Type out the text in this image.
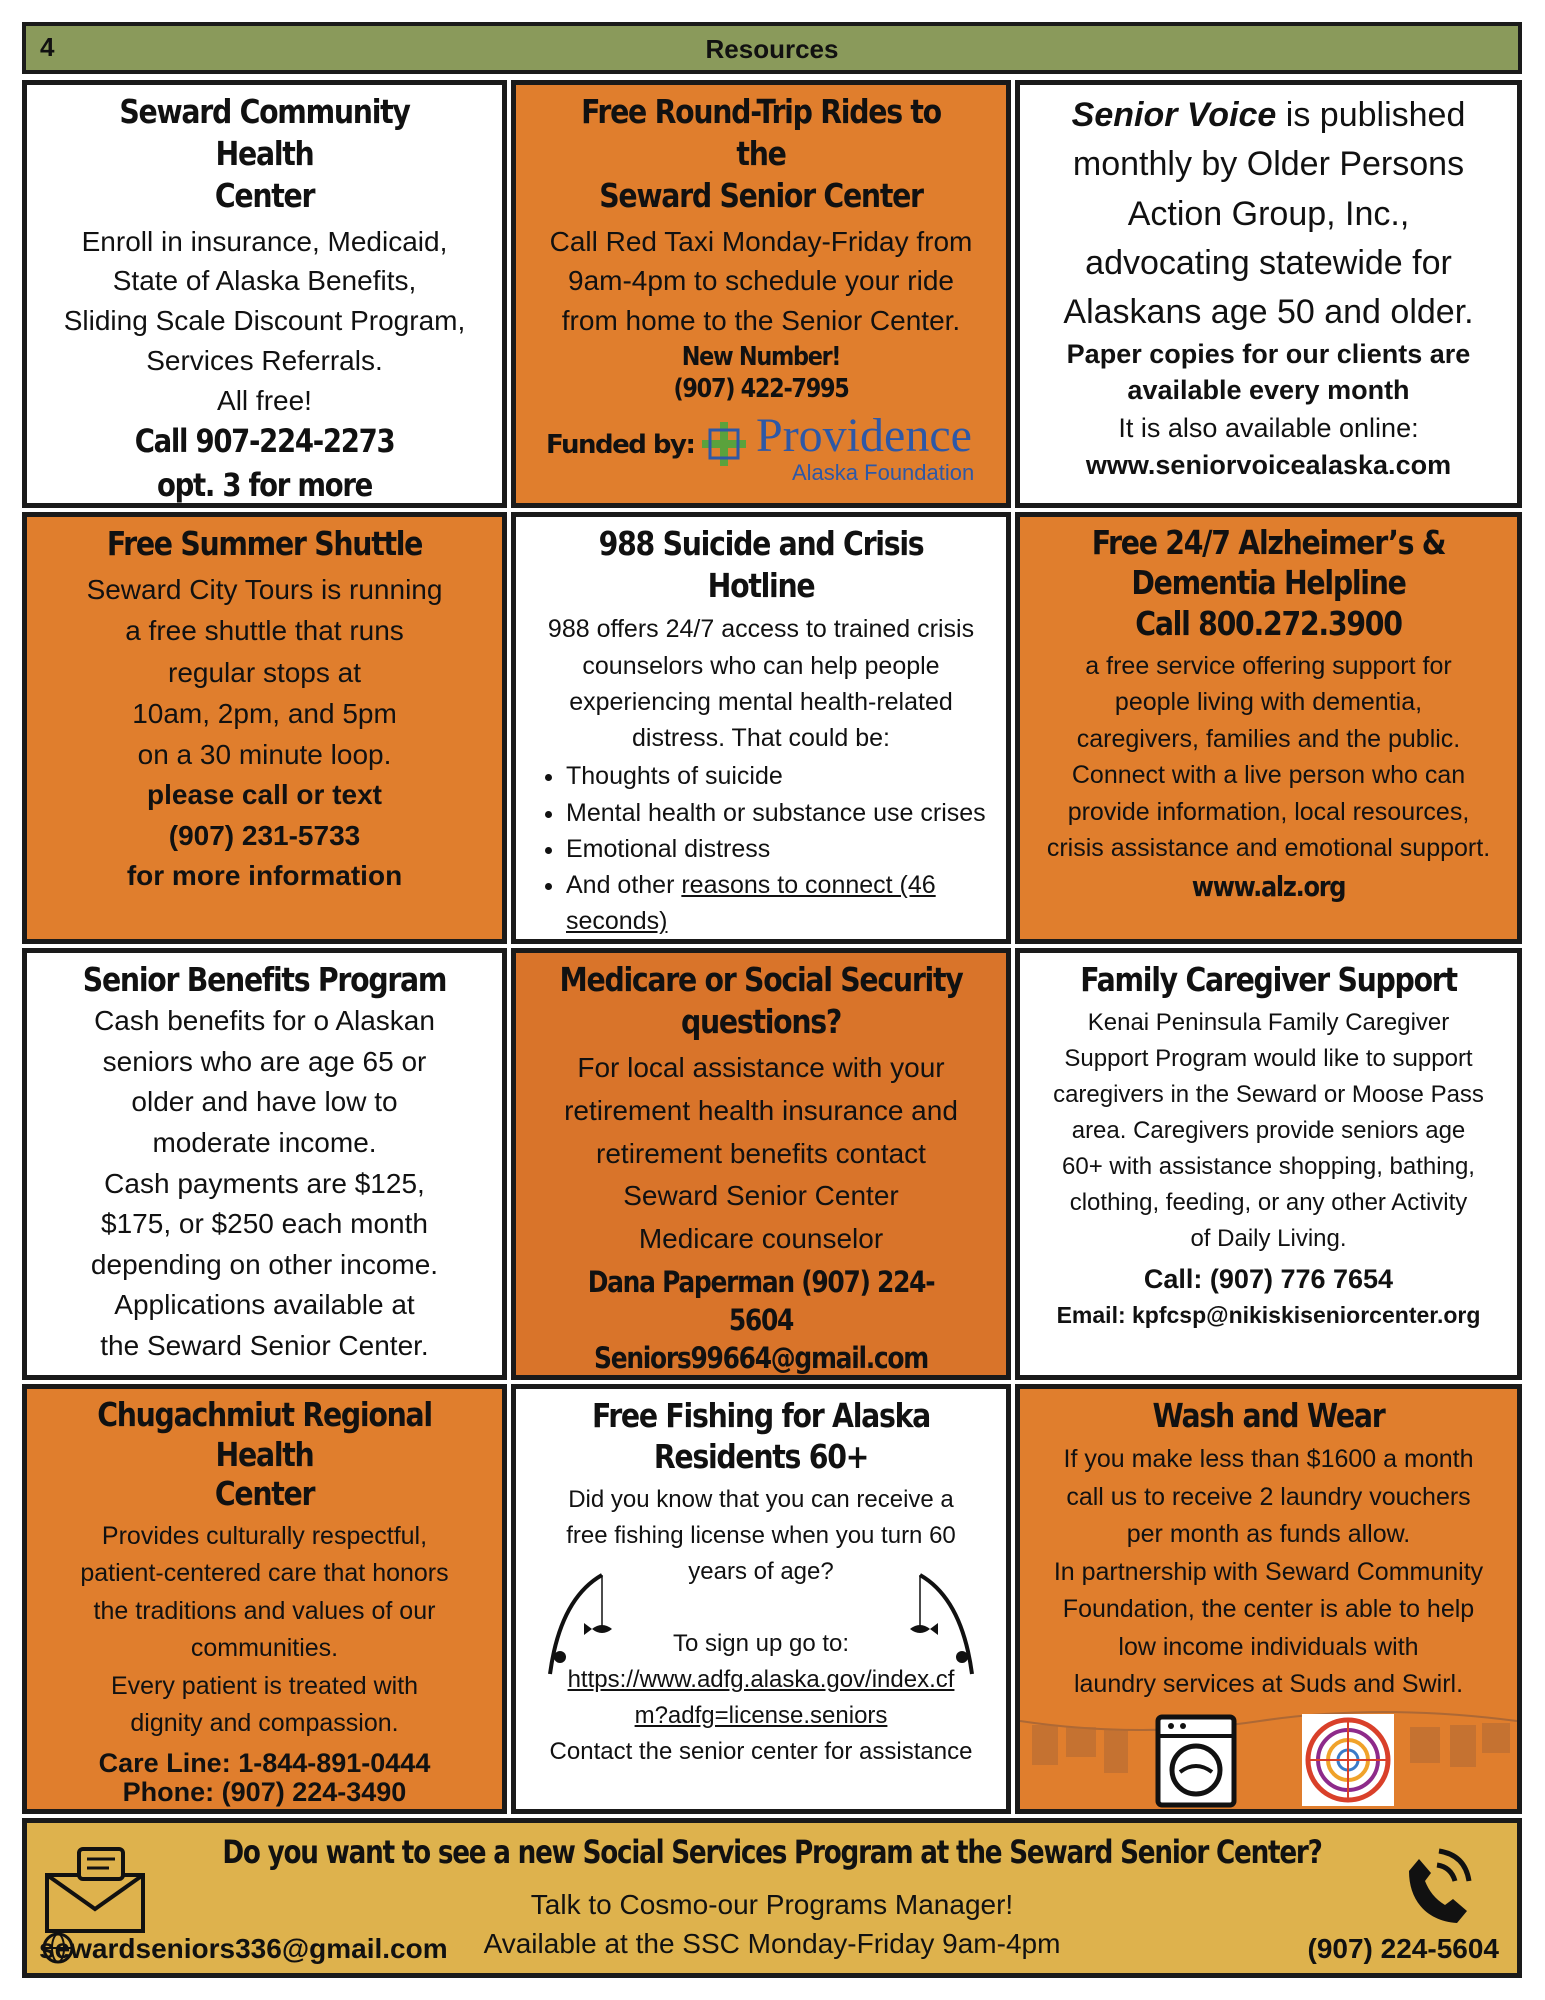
4	Resources
Seward Community Health
Center
Enroll in insurance, Medicaid,
State of Alaska Benefits,
Sliding Scale Discount Program,
Services Referrals.
All free!
Call 907-224-2273
opt. 3 for more
Free Round-Trip Rides to the
Seward Senior Center
Call Red Taxi Monday-Friday from
9am-4pm to schedule your ride
from home to the Senior Center.
New Number!
(907) 422-7995
Funded by: Providence
Alaska Foundation
Senior Voice is published
monthly by Older Persons
Action Group, Inc.,
advocating statewide for
Alaskans age 50 and older.
Paper copies for our clients are
available every month
It is also available online:
www.seniorvoicealaska.com
Free Summer Shuttle
Seward City Tours is running
a free shuttle that runs
regular stops at
10am, 2pm, and 5pm
on a 30 minute loop.
please call or text
(907) 231-5733
for more information
988 Suicide and Crisis Hotline
988 offers 24/7 access to trained crisis
counselors who can help people
experiencing mental health-related
distress. That could be:
• Thoughts of suicide
• Mental health or substance use crises
• Emotional distress
• And other reasons to connect (46 seconds)
Free 24/7 Alzheimer’s &
Dementia Helpline
Call 800.272.3900
a free service offering support for
people living with dementia,
caregivers, families and the public.
Connect with a live person who can
provide information, local resources,
crisis assistance and emotional support.
www.alz.org
Senior Benefits Program
Cash benefits for o Alaskan
seniors who are age 65 or
older and have low to
moderate income.
Cash payments are $125,
$175, or $250 each month
depending on other income.
Applications available at
the Seward Senior Center.
Medicare or Social Security
questions?
For local assistance with your
retirement health insurance and
retirement benefits contact
Seward Senior Center
Medicare counselor
Dana Paperman (907) 224-5604
Seniors99664@gmail.com
Family Caregiver Support
Kenai Peninsula Family Caregiver
Support Program would like to support
caregivers in the Seward or Moose Pass
area. Caregivers provide seniors age
60+ with assistance shopping, bathing,
clothing, feeding, or any other Activity
of Daily Living.
Call: (907) 776 7654
Email: kpfcsp@nikiskiseniorcenter.org
Chugachmiut Regional Health
Center
Provides culturally respectful,
patient-centered care that honors
the traditions and values of our
communities.
Every patient is treated with
dignity and compassion.
Care Line: 1-844-891-0444
Phone: (907) 224-3490
Free Fishing for Alaska
Residents 60+
Did you know that you can receive a
free fishing license when you turn 60
years of age?
To sign up go to:
https://www.adfg.alaska.gov/index.cf
m?adfg=license.seniors
Contact the senior center for assistance
Wash and Wear
If you make less than $1600 a month
call us to receive 2 laundry vouchers
per month as funds allow.
In partnership with Seward Community
Foundation, the center is able to help
low income individuals with
laundry services at Suds and Swirl.
Do you want to see a new Social Services Program at the Seward Senior Center?
Talk to Cosmo-our Programs Manager!
Available at the SSC Monday-Friday 9am-4pm
sewardseniors336@gmail.com	(907) 224-5604
